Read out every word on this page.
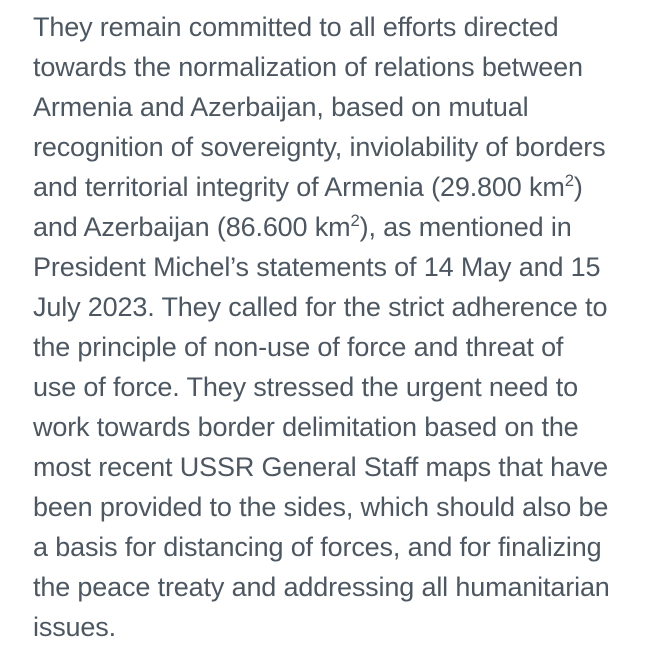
They remain committed to all efforts directed
towards the normalization of relations between
Armenia and Azerbaijan, based on mutual
recognition of sovereignty, inviolability of borders
and territorial integrity of Armenia (29.800 $km^2$)
and Azerbaijan (86.600 $km^2$), as mentioned in
President Michel’s statements of 14 May and 15
July 2023. They called for the strict adherence to
the principle of non-use of force and threat of
use of force. They stressed the urgent need to
work towards border delimitation based on the
most recent USSR General Staff maps that have
been provided to the sides, which should also be
a basis for distancing of forces, and for finalizing
the peace treaty and addressing all humanitarian
issues.
